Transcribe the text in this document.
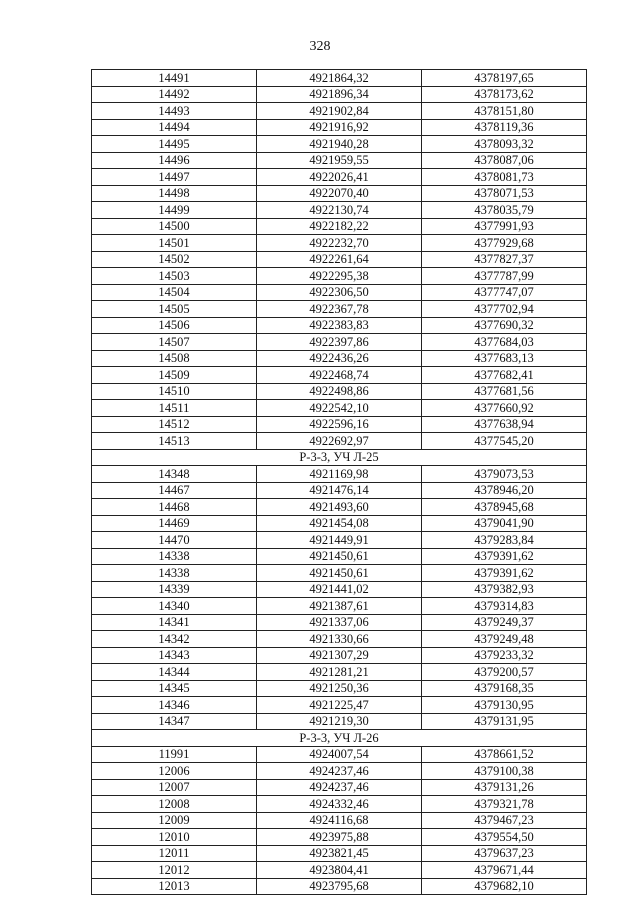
328
14491	4921864,32	4378197,65
14492	4921896,34	4378173,62
14493	4921902,84	4378151,80
14494	4921916,92	4378119,36
14495	4921940,28	4378093,32
14496	4921959,55	4378087,06
14497	4922026,41	4378081,73
14498	4922070,40	4378071,53
14499	4922130,74	4378035,79
14500	4922182,22	4377991,93
14501	4922232,70	4377929,68
14502	4922261,64	4377827,37
14503	4922295,38	4377787,99
14504	4922306,50	4377747,07
14505	4922367,78	4377702,94
14506	4922383,83	4377690,32
14507	4922397,86	4377684,03
14508	4922436,26	4377683,13
14509	4922468,74	4377682,41
14510	4922498,86	4377681,56
14511	4922542,10	4377660,92
14512	4922596,16	4377638,94
14513	4922692,97	4377545,20
Р-3-3, УЧ Л-25		
14348	4921169,98	4379073,53
14467	4921476,14	4378946,20
14468	4921493,60	4378945,68
14469	4921454,08	4379041,90
14470	4921449,91	4379283,84
14338	4921450,61	4379391,62
14338	4921450,61	4379391,62
14339	4921441,02	4379382,93
14340	4921387,61	4379314,83
14341	4921337,06	4379249,37
14342	4921330,66	4379249,48
14343	4921307,29	4379233,32
14344	4921281,21	4379200,57
14345	4921250,36	4379168,35
14346	4921225,47	4379130,95
14347	4921219,30	4379131,95
Р-3-3, УЧ Л-26		
11991	4924007,54	4378661,52
12006	4924237,46	4379100,38
12007	4924237,46	4379131,26
12008	4924332,46	4379321,78
12009	4924116,68	4379467,23
12010	4923975,88	4379554,50
12011	4923821,45	4379637,23
12012	4923804,41	4379671,44
12013	4923795,68	4379682,10
